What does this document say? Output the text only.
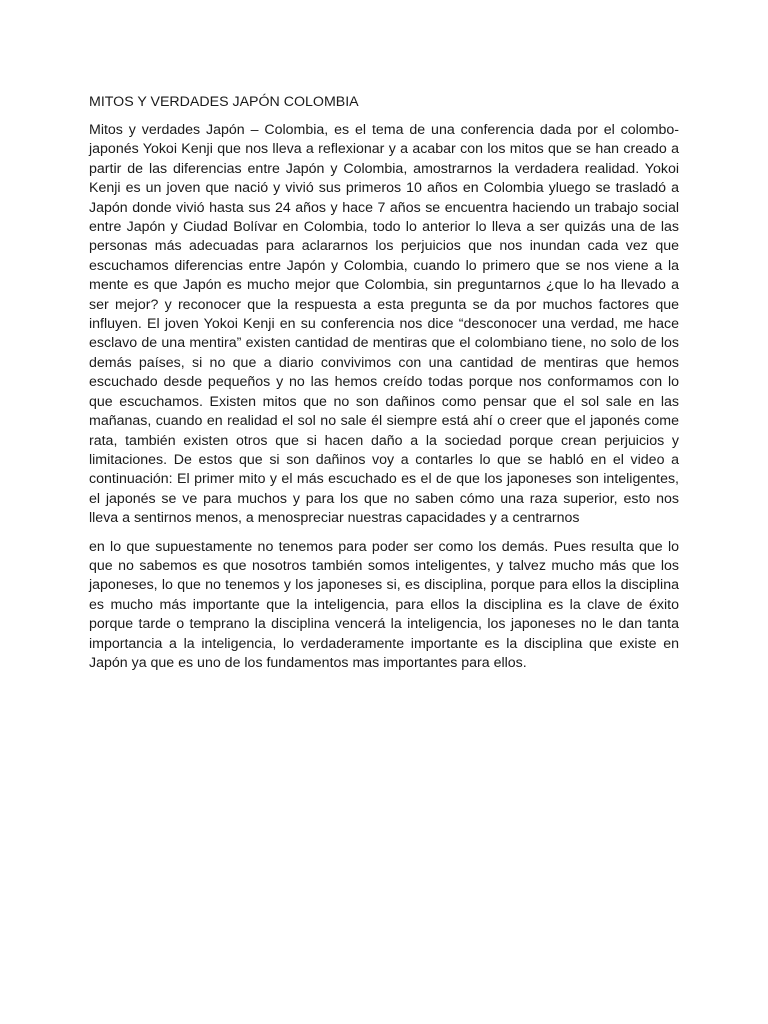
MITOS Y VERDADES JAPÓN COLOMBIA

Mitos y verdades Japón – Colombia, es el tema de una conferencia dada por el colombo-japonés Yokoi Kenji que nos lleva a reflexionar y a acabar con los mitos que se han creado a partir de las diferencias entre Japón y Colombia, amostrarnos la verdadera realidad. Yokoi Kenji es un joven que nació y vivió sus primeros 10 años en Colombia yluego se trasladó a Japón donde vivió hasta sus 24 años y hace 7 años se encuentra haciendo un trabajo social entre Japón y Ciudad Bolívar en Colombia, todo lo anterior lo lleva a ser quizás una de las personas más adecuadas para aclararnos los perjuicios que nos inundan cada vez que escuchamos diferencias entre Japón y Colombia, cuando lo primero que se nos viene a la mente es que Japón es mucho mejor que Colombia, sin preguntarnos ¿que lo ha llevado a ser mejor? y reconocer que la respuesta a esta pregunta se da por muchos factores que influyen. El joven Yokoi Kenji en su conferencia nos dice “desconocer una verdad, me hace esclavo de una mentira” existen cantidad de mentiras que el colombiano tiene, no solo de los demás países, si no que a diario convivimos con una cantidad de mentiras que hemos escuchado desde pequeños y no las hemos creído todas porque nos conformamos con lo que escuchamos. Existen mitos que no son dañinos como pensar que el sol sale en las mañanas, cuando en realidad el sol no sale él siempre está ahí o creer que el japonés come rata, también existen otros que si hacen daño a la sociedad porque crean perjuicios y limitaciones. De estos que si son dañinos voy a contarles lo que se habló en el video a continuación: El primer mito y el más escuchado es el de que los japoneses son inteligentes, el japonés se ve para muchos y para los que no saben cómo una raza superior, esto nos lleva a sentirnos menos, a menospreciar nuestras capacidades y a centrarnos

en lo que supuestamente no tenemos para poder ser como los demás. Pues resulta que lo que no sabemos es que nosotros también somos inteligentes, y talvez mucho más que los japoneses, lo que no tenemos y los japoneses si, es disciplina, porque para ellos la disciplina es mucho más importante que la inteligencia, para ellos la disciplina es la clave de éxito porque tarde o temprano la disciplina vencerá la inteligencia, los japoneses no le dan tanta importancia a la inteligencia, lo verdaderamente importante es la disciplina que existe en Japón ya que es uno de los fundamentos mas importantes para ellos.
